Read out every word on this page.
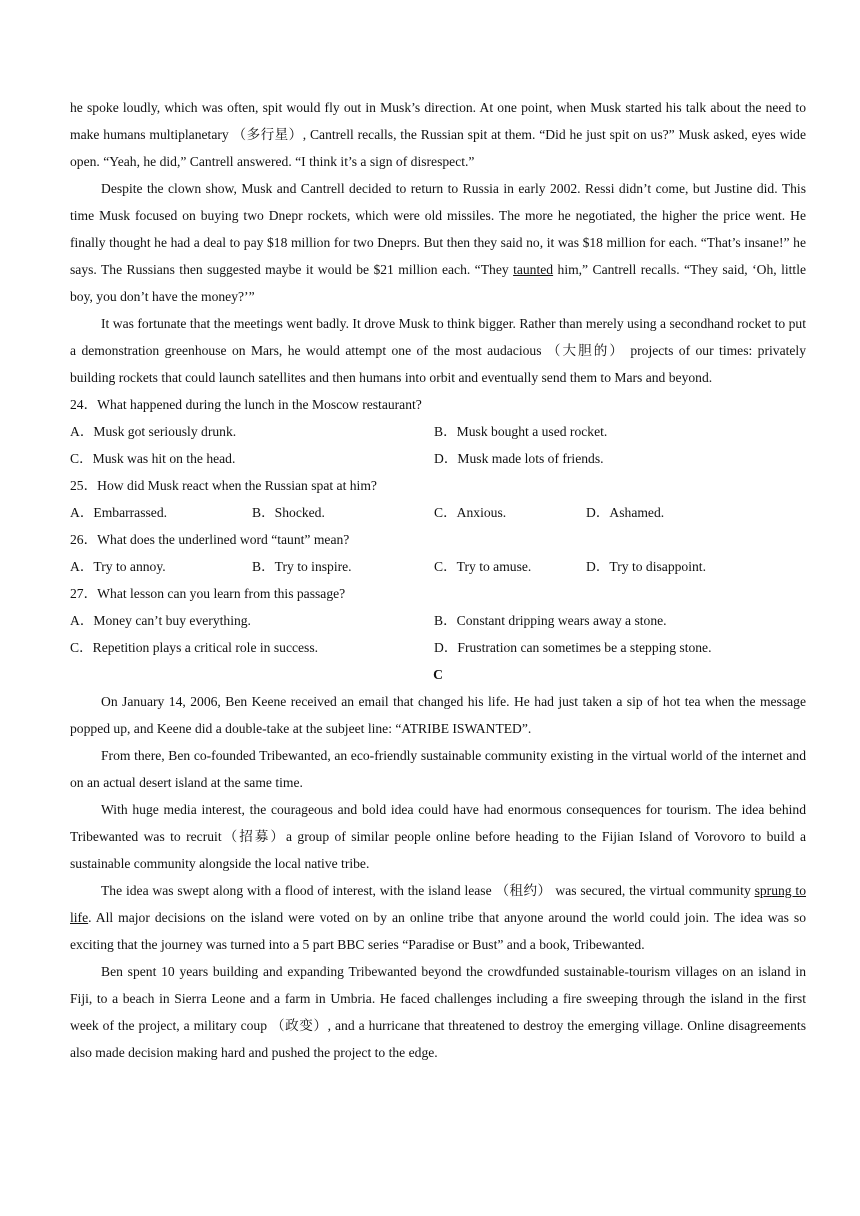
he spoke loudly, which was often, spit would fly out in Musk’s direction. At one point, when Musk started his talk about the need to make humans multiplanetary （多行星）, Cantrell recalls, the Russian spit at them. “Did he just spit on us?” Musk asked, eyes wide open. “Yeah, he did,” Cantrell answered. “I think it’s a sign of disrespect.”

Despite the clown show, Musk and Cantrell decided to return to Russia in early 2002. Ressi didn’t come, but Justine did. This time Musk focused on buying two Dnepr rockets, which were old missiles. The more he negotiated, the higher the price went. He finally thought he had a deal to pay $18 million for two Dneprs. But then they said no, it was $18 million for each. “That’s insane!” he says. The Russians then suggested maybe it would be $21 million each. “They taunted him,” Cantrell recalls. “They said, ‘Oh, little boy, you don’t have the money?’”

It was fortunate that the meetings went badly. It drove Musk to think bigger. Rather than merely using a secondhand rocket to put a demonstration greenhouse on Mars, he would attempt one of the most audacious （大胆的） projects of our times: privately building rockets that could launch satellites and then humans into orbit and eventually send them to Mars and beyond.

24．What happened during the lunch in the Moscow restaurant?

A．Musk got seriously drunk.	B．Musk bought a used rocket.
C．Musk was hit on the head.	D．Musk made lots of friends.

25．How did Musk react when the Russian spat at him?

A．Embarrassed.	B．Shocked.	C．Anxious.	D．Ashamed.

26．What does the underlined word “taunt” mean?

A．Try to annoy.	B．Try to inspire.	C．Try to amuse.	D．Try to disappoint.

27．What lesson can you learn from this passage?

A．Money can’t buy everything.	B．Constant dripping wears away a stone.
C．Repetition plays a critical role in success.	D．Frustration can sometimes be a stepping stone.

C

On January 14, 2006, Ben Keene received an email that changed his life. He had just taken a sip of hot tea when the message popped up, and Keene did a double-take at the subjeet line: “ATRIBE ISWANTED”.

From there, Ben co-founded Tribewanted, an eco-friendly sustainable community existing in the virtual world of the internet and on an actual desert island at the same time.

With huge media interest, the courageous and bold idea could have had enormous consequences for tourism. The idea behind Tribewanted was to recruit（招募）a group of similar people online before heading to the Fijian Island of Vorovoro to build a sustainable community alongside the local native tribe.

The idea was swept along with a flood of interest, with the island lease （租约） was secured, the virtual community sprung to life. All major decisions on the island were voted on by an online tribe that anyone around the world could join. The idea was so exciting that the journey was turned into a 5 part BBC series “Paradise or Bust” and a book, Tribewanted.

Ben spent 10 years building and expanding Tribewanted beyond the crowdfunded sustainable-tourism villages on an island in Fiji, to a beach in Sierra Leone and a farm in Umbria. He faced challenges including a fire sweeping through the island in the first week of the project, a military coup （政变）, and a hurricane that threatened to destroy the emerging village. Online disagreements also made decision making hard and pushed the project to the edge.
